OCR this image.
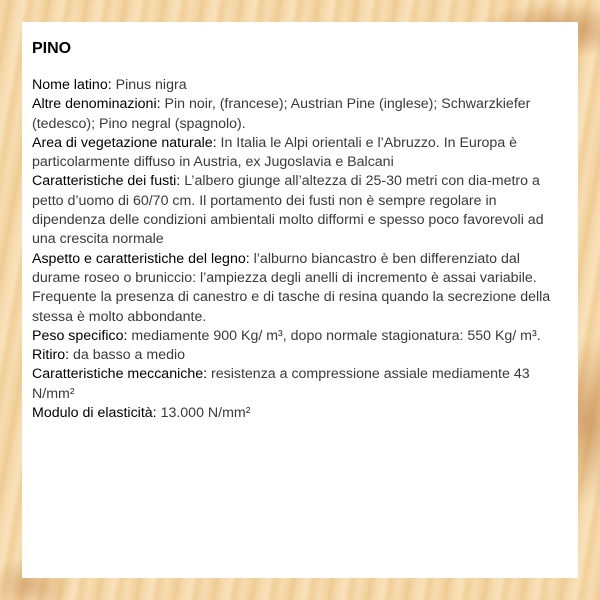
PINO

Nome latino: Pinus nigra

Altre denominazioni: Pin noir, (francese); Austrian Pine (inglese); Schwarzkiefer (tedesco); Pino negral (spagnolo).

Area di vegetazione naturale: In Italia le Alpi orientali e l’Abruzzo. In Europa è particolarmente diffuso in Austria, ex Jugoslavia e Balcani

Caratteristiche dei fusti: L’albero giunge all’altezza di 25-30 metri con dia-metro a petto d’uomo di 60/70 cm. Il portamento dei fusti non è sempre regolare in dipendenza delle condizioni ambientali molto difformi e spesso poco favorevoli ad una crescita normale

Aspetto e caratteristiche del legno: l’alburno biancastro è ben differenziato dal durame roseo o bruniccio: l’ampiezza degli anelli di incremento è assai variabile. Frequente la presenza di canestro e di tasche di resina quando la secrezione della stessa è molto abbondante.

Peso specifico: mediamente 900 Kg/ m³, dopo normale stagionatura: 550 Kg/ m³.

Ritiro: da basso a medio

Caratteristiche meccaniche: resistenza a compressione assiale mediamente 43 N/mm²

Modulo di elasticità: 13.000 N/mm²
